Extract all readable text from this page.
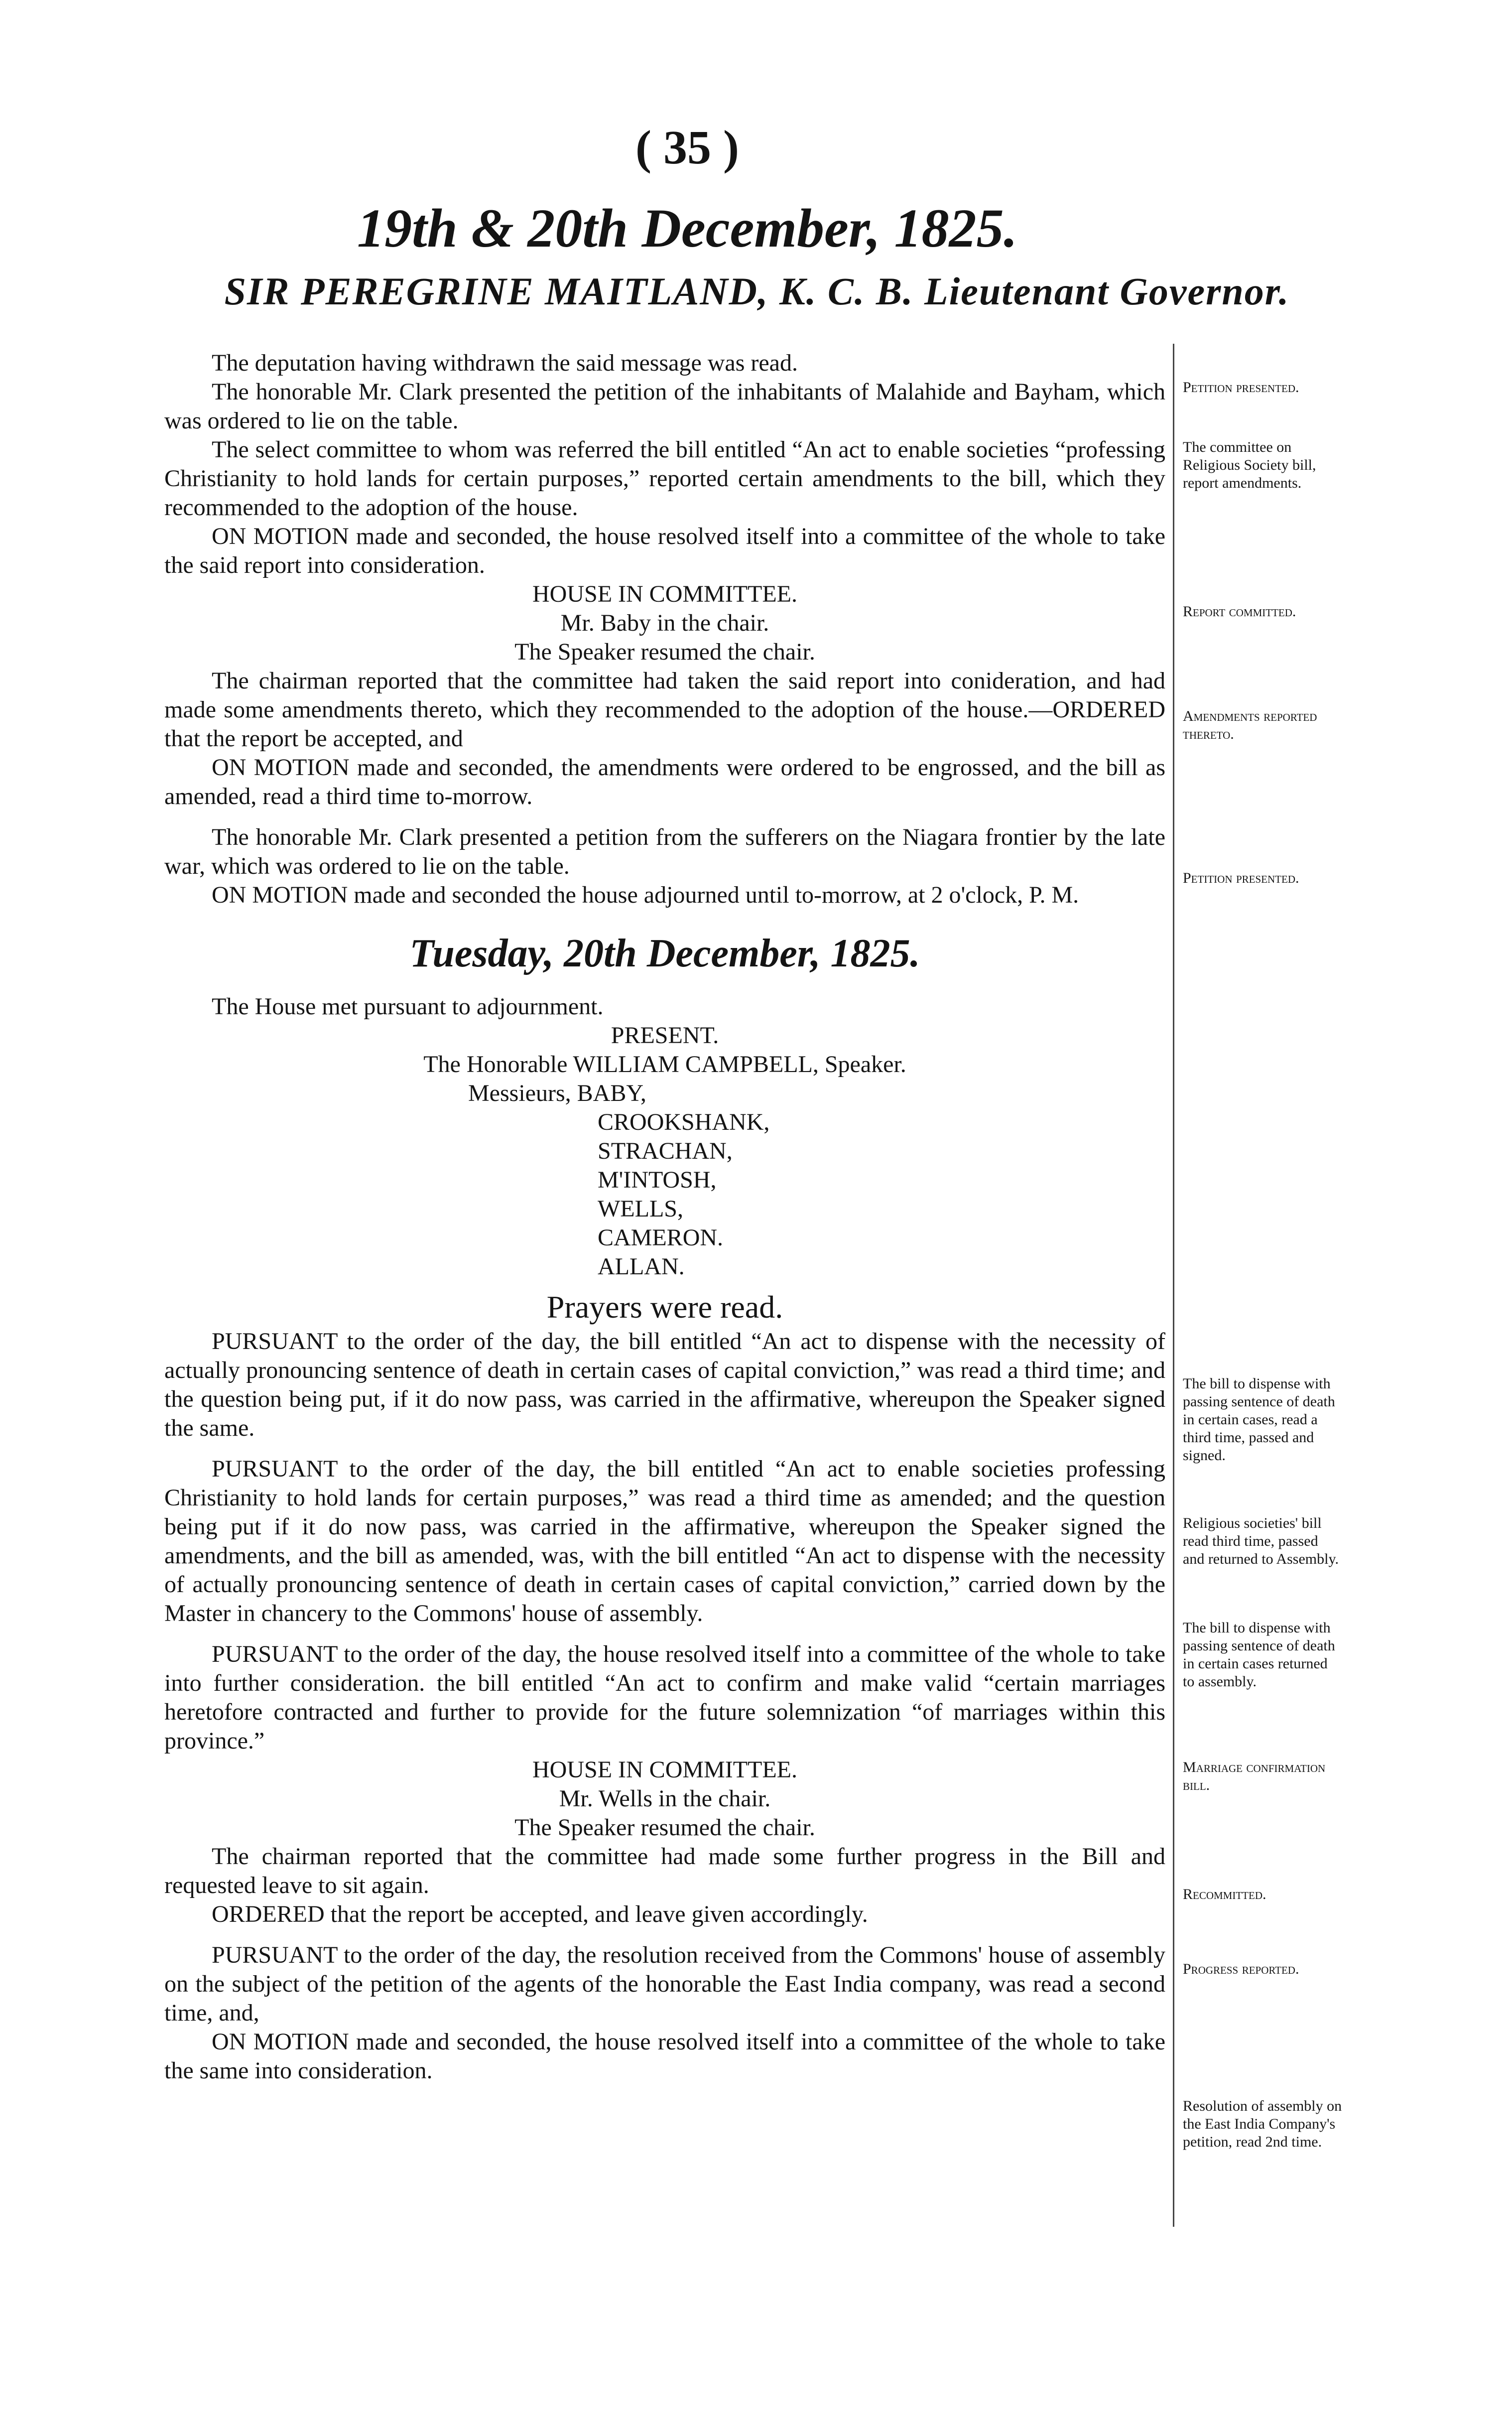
( 35 )
19th & 20th December, 1825.
SIR PEREGRINE MAITLAND, K. C. B. Lieutenant Governor.

The deputation having withdrawn the said message was read.

The honorable Mr. Clark presented the petition of the inhabitants of Malahide and Bayham, which was ordered to lie on the table.

The select committee to whom was referred the bill entitled “An act to enable societies “professing Christianity to hold lands for certain purposes,” reported certain amendments to the bill, which they recommended to the adoption of the house.

ON MOTION made and seconded, the house resolved itself into a committee of the whole to take the said report into consideration.

HOUSE IN COMMITTEE.

Mr. Baby in the chair.

The Speaker resumed the chair.

The chairman reported that the committee had taken the said report into conideration, and had made some amendments thereto, which they recommended to the adoption of the house.—ORDERED that the report be accepted, and

ON MOTION made and seconded, the amendments were ordered to be engrossed, and the bill as amended, read a third time to-morrow.

The honorable Mr. Clark presented a petition from the sufferers on the Niagara frontier by the late war, which was ordered to lie on the table.

ON MOTION made and seconded the house adjourned until to-morrow, at 2 o'clock, P. M.

Tuesday, 20th December, 1825.

The House met pursuant to adjournment.

PRESENT.

The Honorable WILLIAM CAMPBELL, Speaker.

Messieurs, BABY,

CROOKSHANK,

STRACHAN,

M'INTOSH,

WELLS,

CAMERON.

ALLAN.

Prayers were read.

PURSUANT to the order of the day, the bill entitled “An act to dispense with the necessity of actually pronouncing sentence of death in certain cases of capital conviction,” was read a third time; and the question being put, if it do now pass, was carried in the affirmative, whereupon the Speaker signed the same.

PURSUANT to the order of the day, the bill entitled “An act to enable societies professing Christianity to hold lands for certain purposes,” was read a third time as amended; and the question being put if it do now pass, was carried in the affirmative, whereupon the Speaker signed the amendments, and the bill as amended, was, with the bill entitled “An act to dispense with the necessity of actually pronouncing sentence of death in certain cases of capital conviction,” carried down by the Master in chancery to the Commons' house of assembly.

PURSUANT to the order of the day, the house resolved itself into a committee of the whole to take into further consideration. the bill entitled “An act to confirm and make valid “certain marriages heretofore contracted and further to provide for the future solemnization “of marriages within this province.”

HOUSE IN COMMITTEE.

Mr. Wells in the chair.

The Speaker resumed the chair.

The chairman reported that the committee had made some further progress in the Bill and requested leave to sit again.

ORDERED that the report be accepted, and leave given accordingly.

PURSUANT to the order of the day, the resolution received from the Commons' house of assembly on the subject of the petition of the agents of the honorable the East India company, was read a second time, and,

ON MOTION made and seconded, the house resolved itself into a committee of the whole to take the same into consideration.

Petition presented.

The committee on Religious Society bill, report amendments.

Report committed.

Amendments reported thereto.

Petition presented.

The bill to dispense with passing sentence of death in certain cases, read a third time, passed and signed.

Religious societies' bill read third time, passed and returned to Assembly.

The bill to dispense with passing sentence of death in certain cases returned to assembly.

Marriage confirmation bill.

Recommitted.

Progress reported.

Resolution of assembly on the East India Company's petition, read 2nd time.
